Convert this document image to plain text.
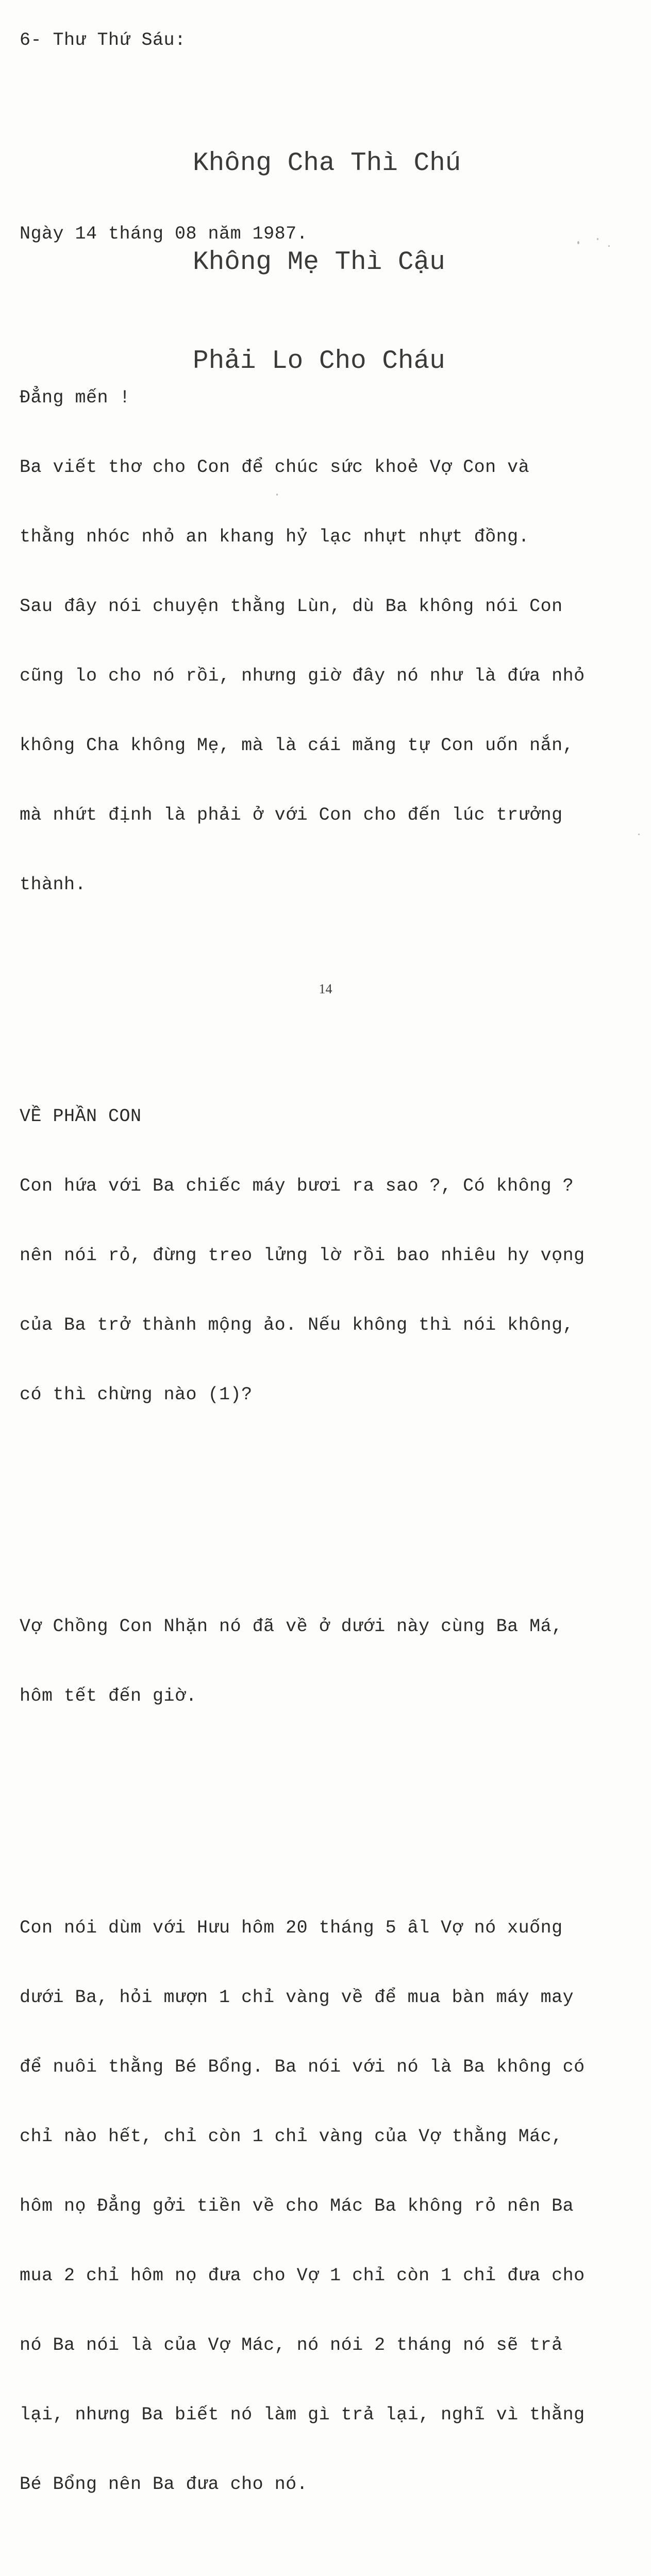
6- Thư Thứ Sáu:

Không Cha Thì Chú

Không Mẹ Thì Cậu

Phải Lo Cho Cháu

Ngày 14 tháng 08 năm 1987.

Đẳng mến !

Ba viết thơ cho Con để chúc sức khoẻ Vợ Con và

thằng nhóc nhỏ an khang hỷ lạc nhựt nhựt đồng.

Sau đây nói chuyện thằng Lùn, dù Ba không nói Con

cũng lo cho nó rồi, nhưng giờ đây nó như là đứa nhỏ

không Cha không Mẹ, mà là cái măng tự Con uốn nắn,

mà nhứt định là phải ở với Con cho đến lúc trưởng

thành.

VỀ PHẦN CON

Con hứa với Ba chiếc máy bươi ra sao ?, Có không ?

nên nói rỏ, đừng treo lửng lờ rồi bao nhiêu hy vọng

của Ba trở thành mộng ảo. Nếu không thì nói không,

có thì chừng nào (1)?

Vợ Chồng Con Nhặn nó đã về ở dưới này cùng Ba Má,

hôm tết đến giờ.

Con nói dùm với Hưu hôm 20 tháng 5 âl Vợ nó xuống

dưới Ba, hỏi mượn 1 chỉ vàng về để mua bàn máy may

để nuôi thằng Bé Bổng. Ba nói với nó là Ba không có

chỉ nào hết, chỉ còn 1 chỉ vàng của Vợ thằng Mác,

hôm nọ Đẳng gởi tiền về cho Mác Ba không rỏ nên Ba

mua 2 chỉ hôm nọ đưa cho Vợ 1 chỉ còn 1 chỉ đưa cho

nó Ba nói là của Vợ Mác, nó nói 2 tháng nó sẽ trả

lại, nhưng Ba biết nó làm gì trả lại, nghĩ vì thằng

Bé Bổng nên Ba đưa cho nó.

14
